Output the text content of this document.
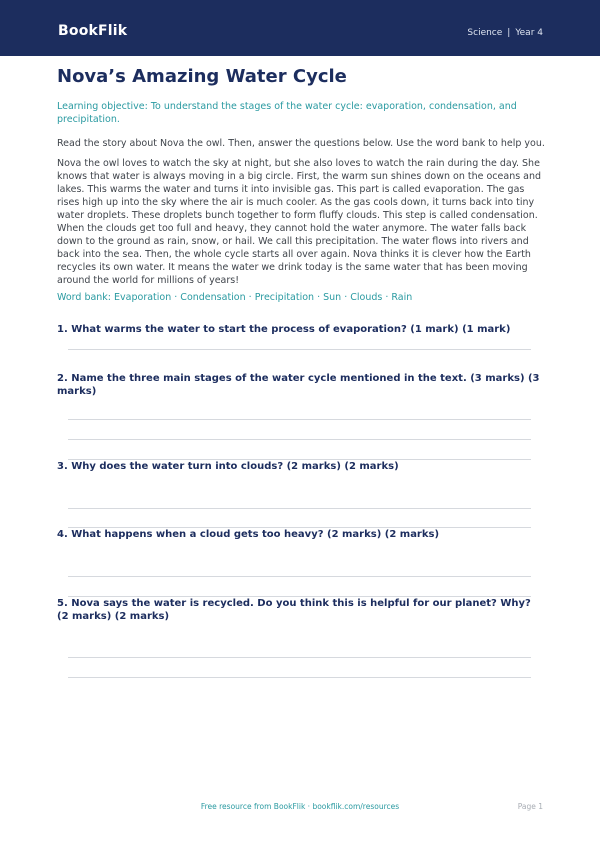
BookFlik	Science | Year 4
Nova’s Amazing Water Cycle

Learning objective: To understand the stages of the water cycle: evaporation, condensation, and precipitation.

Read the story about Nova the owl. Then, answer the questions below. Use the word bank to help you.

Nova the owl loves to watch the sky at night, but she also loves to watch the rain during the day. She knows that water is always moving in a big circle. First, the warm sun shines down on the oceans and lakes. This warms the water and turns it into invisible gas. This part is called evaporation. The gas rises high up into the sky where the air is much cooler. As the gas cools down, it turns back into tiny water droplets. These droplets bunch together to form fluffy clouds. This step is called condensation. When the clouds get too full and heavy, they cannot hold the water anymore. The water falls back down to the ground as rain, snow, or hail. We call this precipitation. The water flows into rivers and back into the sea. Then, the whole cycle starts all over again. Nova thinks it is clever how the Earth recycles its own water. It means the water we drink today is the same water that has been moving around the world for millions of years!

Word bank: Evaporation · Condensation · Precipitation · Sun · Clouds · Rain

1. What warms the water to start the process of evaporation? (1 mark) (1 mark)

2. Name the three main stages of the water cycle mentioned in the text. (3 marks) (3 marks)

3. Why does the water turn into clouds? (2 marks) (2 marks)

4. What happens when a cloud gets too heavy? (2 marks) (2 marks)

5. Nova says the water is recycled. Do you think this is helpful for our planet? Why? (2 marks) (2 marks)

Free resource from BookFlik · bookflik.com/resources	Page 1
